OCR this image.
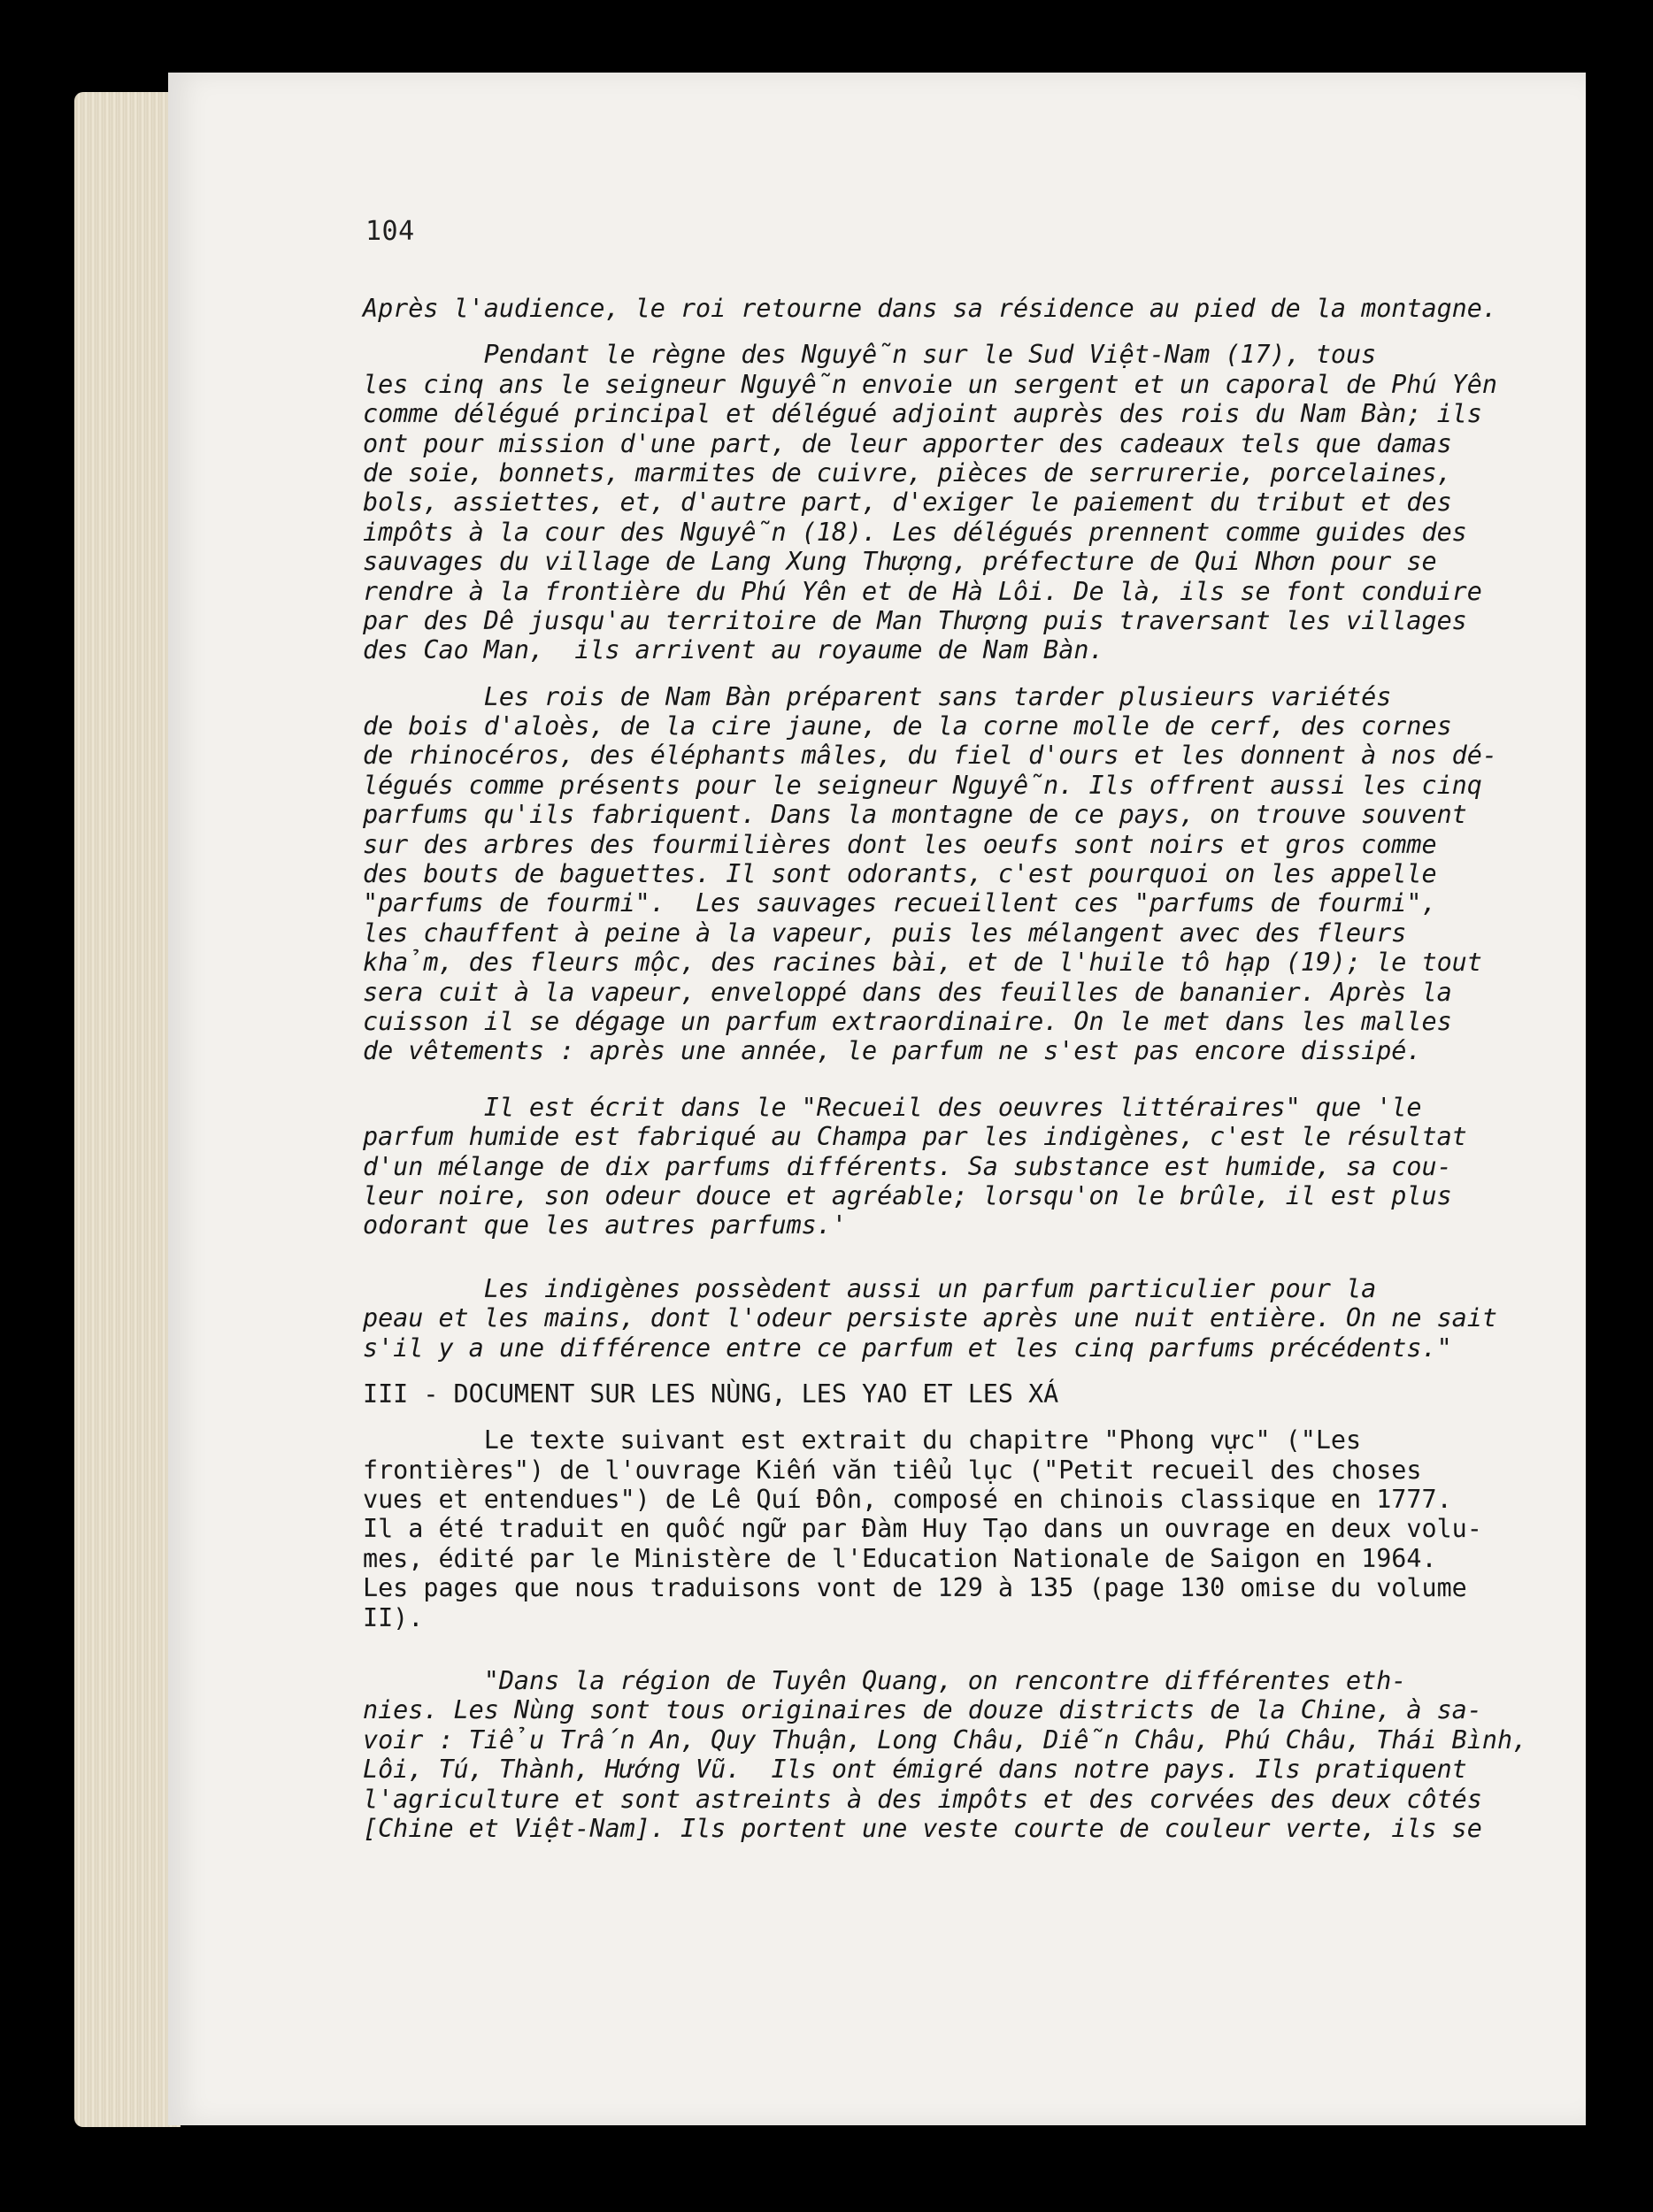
104
Après l'audience, le roi retourne dans sa résidence au pied de la montagne.
Pendant le règne des Nguyễn sur le Sud Việt-Nam (17), tous
les cinq ans le seigneur Nguyễn envoie un sergent et un caporal de Phú Yên
comme délégué principal et délégué adjoint auprès des rois du Nam Bàn; ils
ont pour mission d'une part, de leur apporter des cadeaux tels que damas
de soie, bonnets, marmites de cuivre, pièces de serrurerie, porcelaines,
bols, assiettes, et, d'autre part, d'exiger le paiement du tribut et des
impôts à la cour des Nguyễn (18). Les délégués prennent comme guides des
sauvages du village de Lang Xung Thượng, préfecture de Qui Nhơn pour se
rendre à la frontière du Phú Yên et de Hà Lôi. De là, ils se font conduire
par des Dê jusqu'au territoire de Man Thượng puis traversant les villages
des Cao Man,  ils arrivent au royaume de Nam Bàn.
Les rois de Nam Bàn préparent sans tarder plusieurs variétés
de bois d'aloès, de la cire jaune, de la corne molle de cerf, des cornes
de rhinocéros, des éléphants mâles, du fiel d'ours et les donnent à nos dé-
légués comme présents pour le seigneur Nguyễn. Ils offrent aussi les cinq
parfums qu'ils fabriquent. Dans la montagne de ce pays, on trouve souvent
sur des arbres des fourmilières dont les oeufs sont noirs et gros comme
des bouts de baguettes. Il sont odorants, c'est pourquoi on les appelle
"parfums de fourmi".  Les sauvages recueillent ces "parfums de fourmi",
les chauffent à peine à la vapeur, puis les mélangent avec des fleurs
khảm, des fleurs mộc, des racines bài, et de l'huile tô hạp (19); le tout
sera cuit à la vapeur, enveloppé dans des feuilles de bananier. Après la
cuisson il se dégage un parfum extraordinaire. On le met dans les malles
de vêtements : après une année, le parfum ne s'est pas encore dissipé.
Il est écrit dans le "Recueil des oeuvres littéraires" que 'le
parfum humide est fabriqué au Champa par les indigènes, c'est le résultat
d'un mélange de dix parfums différents. Sa substance est humide, sa cou-
leur noire, son odeur douce et agréable; lorsqu'on le brûle, il est plus
odorant que les autres parfums.'
Les indigènes possèdent aussi un parfum particulier pour la
peau et les mains, dont l'odeur persiste après une nuit entière. On ne sait
s'il y a une différence entre ce parfum et les cinq parfums précédents."
III - DOCUMENT SUR LES NÙNG, LES YAO ET LES XÁ
Le texte suivant est extrait du chapitre "Phong vực" ("Les
frontières") de l'ouvrage Kiến văn tiểu lục ("Petit recueil des choses
vues et entendues") de Lê Quí Đôn, composé en chinois classique en 1777.
Il a été traduit en quốc ngữ par Đàm Huy Tạo dans un ouvrage en deux volu-
mes, édité par le Ministère de l'Education Nationale de Saigon en 1964.
Les pages que nous traduisons vont de 129 à 135 (page 130 omise du volume
II).
"Dans la région de Tuyên Quang, on rencontre différentes eth-
nies. Les Nùng sont tous originaires de douze districts de la Chine, à sa-
voir : Tiểu Trấn An, Quy Thuận, Long Châu, Diễn Châu, Phú Châu, Thái Bình,
Lôi, Tú, Thành, Hướng Vũ.  Ils ont émigré dans notre pays. Ils pratiquent
l'agriculture et sont astreints à des impôts et des corvées des deux côtés
[Chine et Việt-Nam]. Ils portent une veste courte de couleur verte, ils se
